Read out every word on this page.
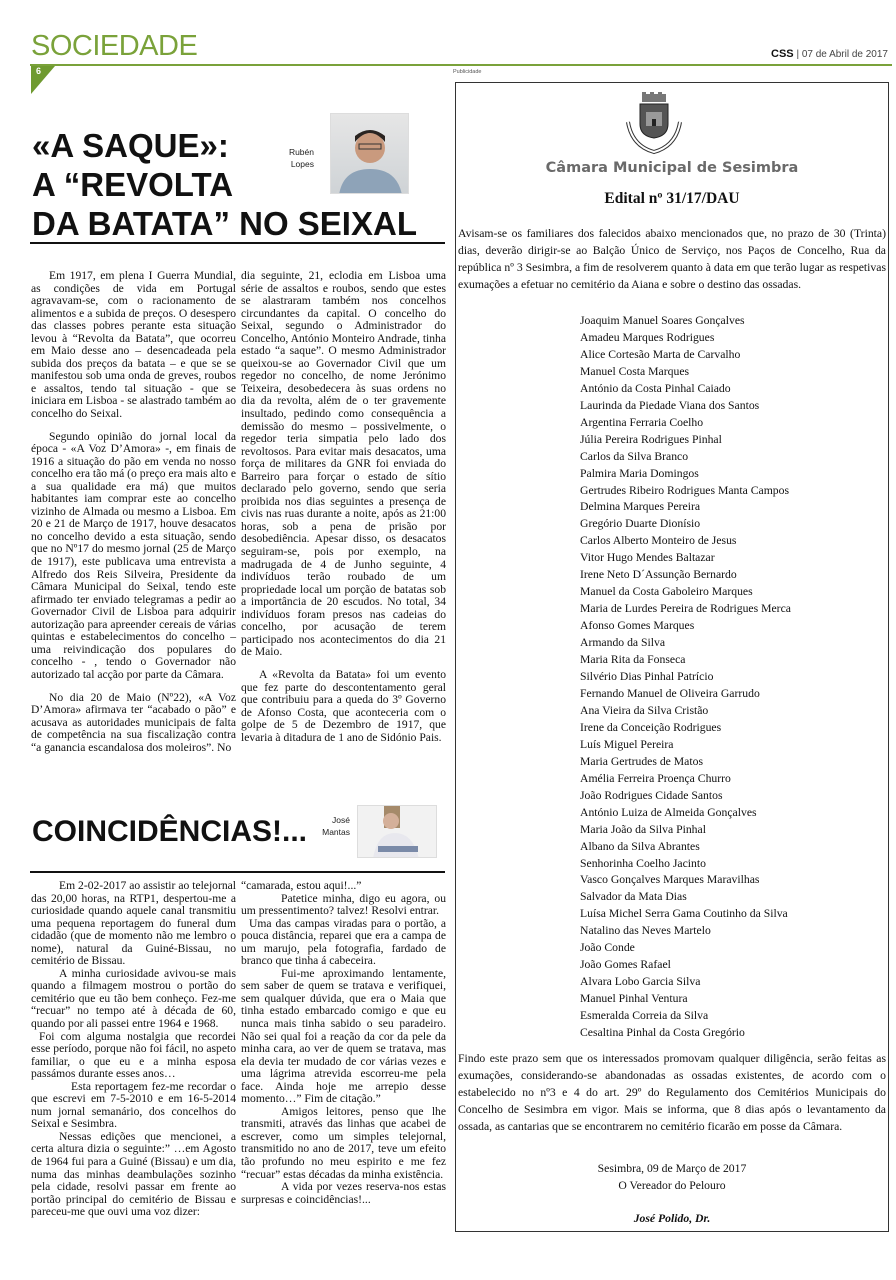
SOCIEDADE
6
CSS | 07 de Abril de 2017
Publicidade
«A SAQUE»:
A “REVOLTA
DA BATATA” NO SEIXAL
Rubén
Lopes

Em 1917, em plena I Guerra Mundial, as condições de vida em Portugal agravavam-se, com o racionamento de alimentos e a subida de preços. O desespero das classes pobres perante esta situação levou à “Revolta da Batata”, que ocorreu em Maio desse ano – desencadeada pela subida dos preços da batata – e que se se manifestou sob uma onda de greves, roubos e assaltos, tendo tal situação - que se iniciara em Lisboa - se alastrado também ao concelho do Seixal.

Segundo opinião do jornal local da época - «A Voz D’Amora» -, em finais de 1916 a situação do pão em venda no nosso concelho era tão má (o preço era mais alto e a sua qualidade era má) que muitos habitantes iam comprar este ao concelho vizinho de Almada ou mesmo a Lisboa. Em 20 e 21 de Março de 1917, houve desacatos no concelho devido a esta situação, sendo que no Nº17 do mesmo jornal (25 de Março de 1917), este publicava uma entrevista a Alfredo dos Reis Silveira, Presidente da Câmara Municipal do Seixal, tendo este afirmado ter enviado telegramas a pedir ao Governador Civil de Lisboa para adquirir autorização para apreender cereais de várias quintas e estabelecimentos do concelho – uma reivindicação dos populares do concelho - , tendo o Governador não autorizado tal acção por parte da Câmara.

No dia 20 de Maio (Nº22), «A Voz D’Amora» afirmava ter “acabado o pão” e acusava as autoridades municipais de falta de competência na sua fiscalização contra “a ganancia escandalosa dos moleiros”. No

dia seguinte, 21, eclodia em Lisboa uma série de assaltos e roubos, sendo que estes se alastraram também nos concelhos circundantes da capital. O concelho do Seixal, segundo o Administrador do Concelho, António Monteiro Andrade, tinha estado “a saque”. O mesmo Administrador queixou-se ao Governador Civil que um regedor no concelho, de nome Jerónimo Teixeira, desobedecera às suas ordens no dia da revolta, além de o ter gravemente insultado, pedindo como consequência a demissão do mesmo – possivelmente, o regedor teria simpatia pelo lado dos revoltosos. Para evitar mais desacatos, uma força de militares da GNR foi enviada do Barreiro para forçar o estado de sítio declarado pelo governo, sendo que seria proibida nos dias seguintes a presença de civis nas ruas durante a noite, após as 21:00 horas, sob a pena de prisão por desobediência. Apesar disso, os desacatos seguiram-se, pois por exemplo, na madrugada de 4 de Junho seguinte, 4 indivíduos terão roubado de um propriedade local um porção de batatas sob a importância de 20 escudos. No total, 34 indivíduos foram presos nas cadeias do concelho, por acusação de terem participado nos acontecimentos do dia 21 de Maio.

A «Revolta da Batata» foi um evento que fez parte do descontentamento geral que contribuiu para a queda do 3º Governo de Afonso Costa, que aconteceria com o golpe de 5 de Dezembro de 1917, que levaria à ditadura de 1 ano de Sidónio Pais.

COINCIDÊNCIAS!...	José
Mantas

Em 2-02-2017 ao assistir ao telejornal das 20,00 horas, na RTP1, despertou-me a curiosidade quando aquele canal transmitiu uma pequena reportagem do funeral dum cidadão (que de momento não me lembro o nome), natural da Guiné-Bissau, no cemitério de Bissau.

A minha curiosidade avivou-se mais quando a filmagem mostrou o portão do cemitério que eu tão bem conheço. Fez-me “recuar” no tempo até à década de 60, quando por ali passei entre 1964 e 1968.

Foi com alguma nostalgia que recordei esse período, porque não foi fácil, no aspeto familiar, o que eu e a minha esposa passámos durante esses anos…

Esta reportagem fez-me recordar o que escrevi em 7-5-2010 e em 16-5-2014 num jornal semanário, dos concelhos do Seixal e Sesimbra.

Nessas edições que mencionei, a certa altura dizia o seguinte:” …em Agosto de 1964 fui para a Guiné (Bissau) e um dia, numa das minhas deambulações sozinho pela cidade, resolvi passar em frente ao portão principal do cemitério de Bissau e pareceu-me que ouvi uma voz dizer:

“camarada, estou aqui!...”

Patetice minha, digo eu agora, ou um pressentimento? talvez! Resolvi entrar.

Uma das campas viradas para o portão, a pouca distância, reparei que era a campa de um marujo, pela fotografia, fardado de branco que tinha á cabeceira.

Fui-me aproximando lentamente, sem saber de quem se tratava e verifiquei, sem qualquer dúvida, que era o Maia que tinha estado embarcado comigo e que eu nunca mais tinha sabido o seu paradeiro. Não sei qual foi a reação da cor da pele da minha cara, ao ver de quem se tratava, mas ela devia ter mudado de cor várias vezes e uma lágrima atrevida escorreu-me pela face. Ainda hoje me arrepio desse momento…” Fim de citação.”

Amigos leitores, penso que lhe transmiti, através das linhas que acabei de escrever, como um simples telejornal, transmitido no ano de 2017, teve um efeito tão profundo no meu espirito e me fez “recuar” estas décadas da minha existência.

A vida por vezes reserva-nos estas surpresas e coincidências!...

Câmara Municipal de Sesimbra
Edital nº 31/17/DAU
Avisam-se os familiares dos falecidos abaixo mencionados que, no prazo de 30 (Trinta) dias, deverão dirigir-se ao Balção Único de Serviço, nos Paços de Concelho, Rua da república nº 3 Sesimbra, a fim de resolverem quanto à data em que terão lugar as respetivas exumações a efetuar no cemitério da Aiana e sobre o destino das ossadas.
Joaquim Manuel Soares Gonçalves
Amadeu Marques Rodrigues
Alice Cortesão Marta de Carvalho
Manuel Costa Marques
António da Costa Pinhal Caiado
Laurinda da Piedade Viana dos Santos
Argentina Ferraria Coelho
Júlia Pereira Rodrigues Pinhal
Carlos da Silva Branco
Palmira Maria Domingos
Gertrudes Ribeiro Rodrigues Manta Campos
Delmina Marques Pereira
Gregório Duarte Dionísio
Carlos Alberto Monteiro de Jesus
Vitor Hugo Mendes Baltazar
Irene Neto D´Assunção Bernardo
Manuel da Costa Gaboleiro Marques
Maria de Lurdes Pereira de Rodrigues Merca
Afonso Gomes Marques
Armando da Silva
Maria Rita da Fonseca
Silvério Dias Pinhal Patrício
Fernando Manuel de Oliveira Garrudo
Ana Vieira da Silva Cristão
Irene da Conceição Rodrigues
Luís Miguel Pereira
Maria Gertrudes de Matos
Amélia Ferreira Proença Churro
João Rodrigues Cidade Santos
António Luiza de Almeida Gonçalves
Maria João da Silva Pinhal
Albano da Silva Abrantes
Senhorinha Coelho Jacinto
Vasco Gonçalves Marques Maravilhas
Salvador da Mata Dias
Luísa Michel Serra Gama Coutinho da Silva
Natalino das Neves Martelo
João Conde
João Gomes Rafael
Alvara Lobo Garcia Silva
Manuel Pinhal Ventura
Esmeralda Correia da Silva
Cesaltina Pinhal da Costa Gregório
Findo este prazo sem que os interessados promovam qualquer diligência, serão feitas as exumações, considerando-se abandonadas as ossadas existentes, de acordo com o estabelecido no nº3 e 4 do art. 29º do Regulamento dos Cemitérios Municipais do Concelho de Sesimbra em vigor. Mais se informa, que 8 dias após o levantamento da ossada, as cantarias que se encontrarem no cemitério ficarão em posse da Câmara.
Sesimbra, 09 de Março de 2017
O Vereador do Pelouro
José Polido, Dr.
